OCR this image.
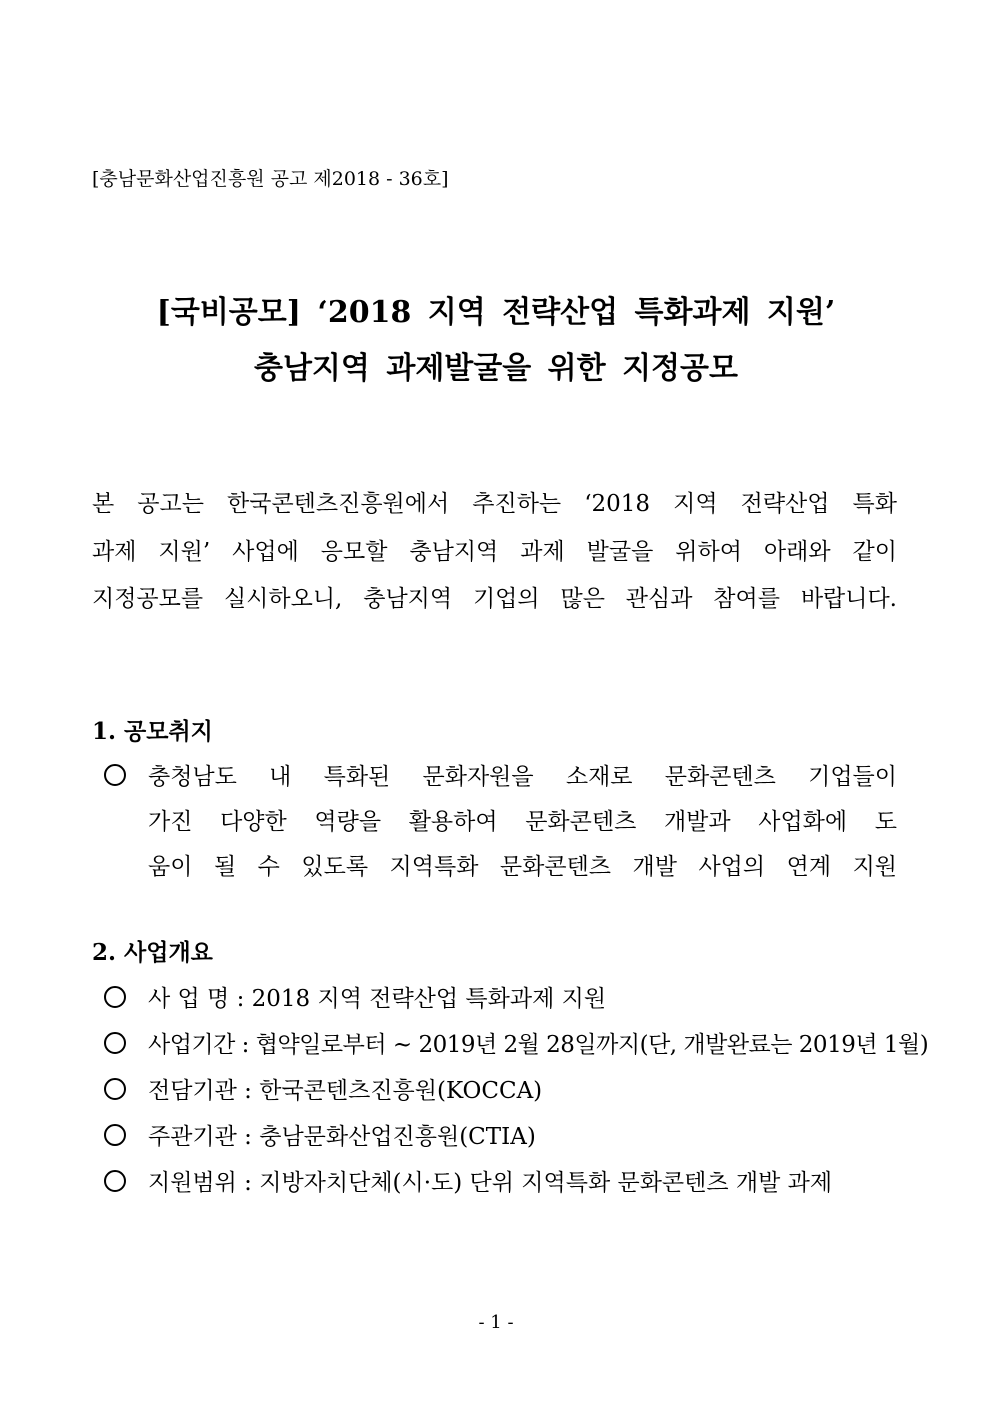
[충남문화산업진흥원 공고 제2018 - 36호]
[국비공모] ‘2018 지역 전략산업 특화과제 지원’
충남지역 과제발굴을 위한 지정공모
본 공고는 한국콘텐츠진흥원에서 추진하는 ‘2018 지역 전략산업 특화
과제 지원’ 사업에 응모할 충남지역 과제 발굴을 위하여 아래와 같이
지정공모를 실시하오니, 충남지역 기업의 많은 관심과 참여를 바랍니다.
1. 공모취지
충청남도 내 특화된 문화자원을 소재로 문화콘텐츠 기업들이
가진 다양한 역량을 활용하여 문화콘텐츠 개발과 사업화에 도
움이 될 수 있도록 지역특화 문화콘텐츠 개발 사업의 연계 지원
2. 사업개요
사 업 명 : 2018 지역 전략산업 특화과제 지원
사업기간 : 협약일로부터 ~ 2019년 2월 28일까지(단, 개발완료는 2019년 1월)
전담기관 : 한국콘텐츠진흥원(KOCCA)
주관기관 : 충남문화산업진흥원(CTIA)
지원범위 : 지방자치단체(시·도) 단위 지역특화 문화콘텐츠 개발 과제
- 1 -
